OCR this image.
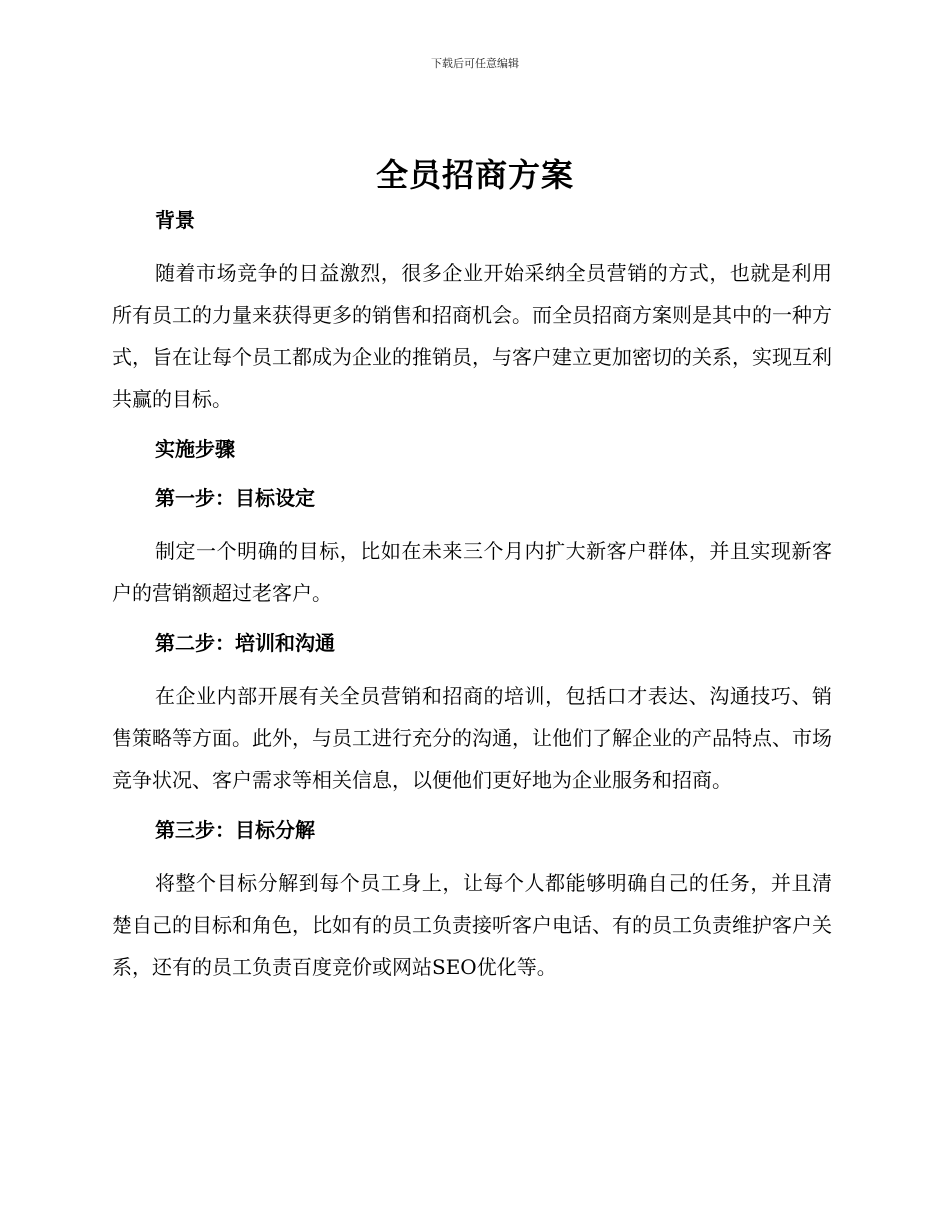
下载后可任意编辑
全员招商方案

背景

随着市场竞争的日益激烈，很多企业开始采纳全员营销的方式，也就是利用所有员工的力量来获得更多的销售和招商机会。而全员招商方案则是其中的一种方式，旨在让每个员工都成为企业的推销员，与客户建立更加密切的关系，实现互利共赢的目标。

实施步骤

第一步：目标设定

制定一个明确的目标，比如在未来三个月内扩大新客户群体，并且实现新客户的营销额超过老客户。

第二步：培训和沟通

在企业内部开展有关全员营销和招商的培训，包括口才表达、沟通技巧、销售策略等方面。此外，与员工进行充分的沟通，让他们了解企业的产品特点、市场竞争状况、客户需求等相关信息，以便他们更好地为企业服务和招商。

第三步：目标分解

将整个目标分解到每个员工身上，让每个人都能够明确自己的任务，并且清楚自己的目标和角色，比如有的员工负责接听客户电话、有的员工负责维护客户关系，还有的员工负责百度竞价或网站SEO优化等。
